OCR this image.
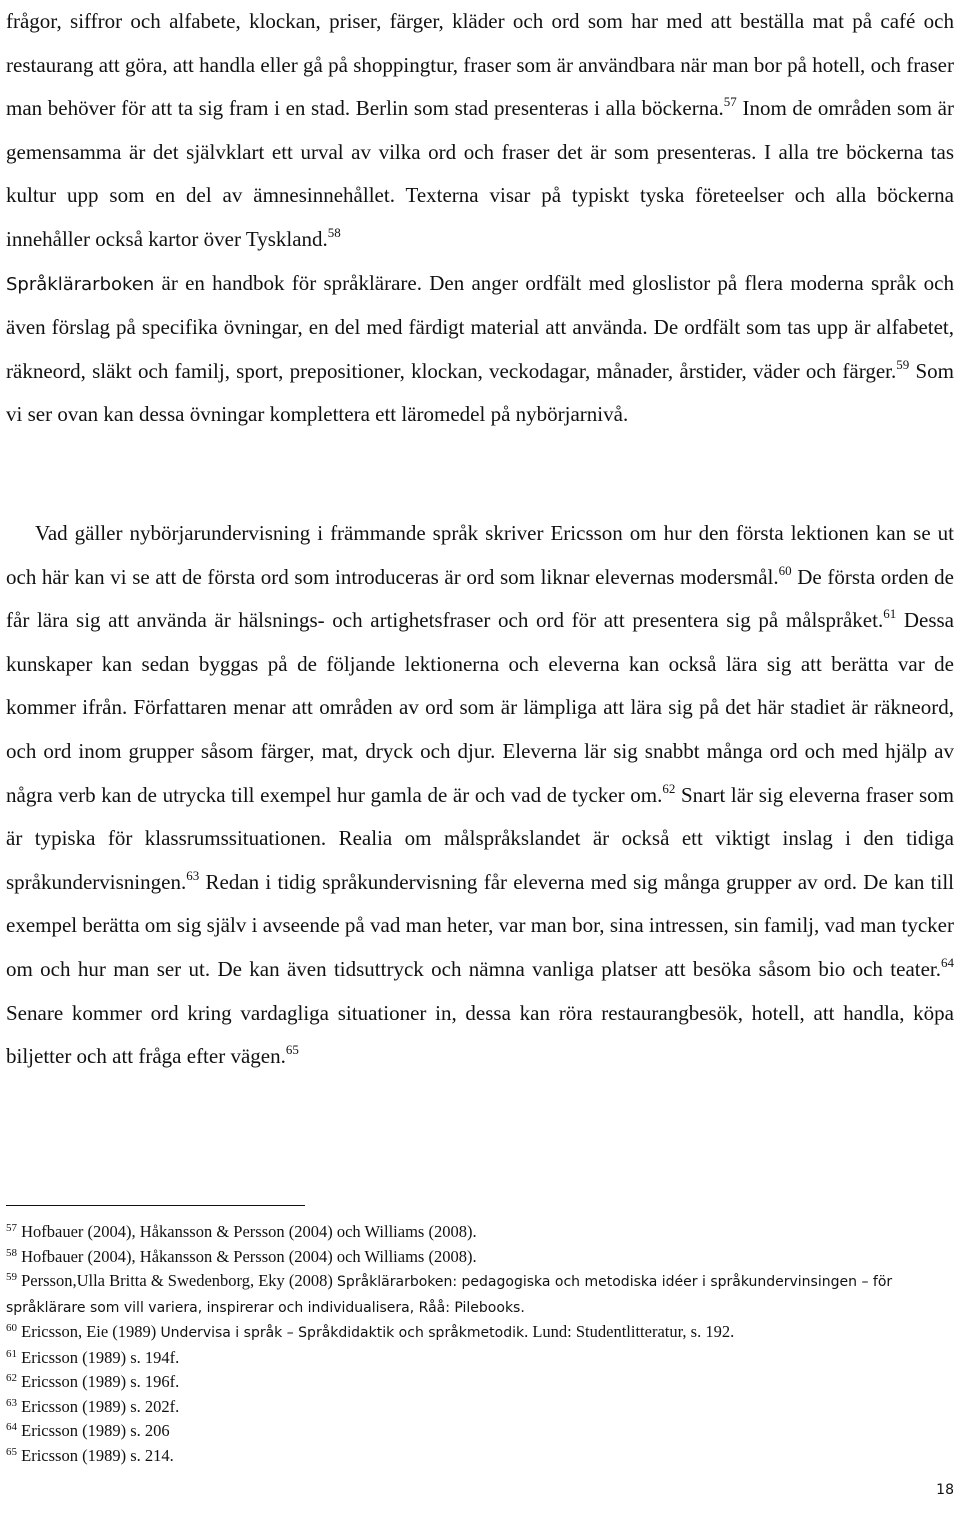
frågor, siffror och alfabete, klockan, priser, färger, kläder och ord som har med att beställa mat på café och restaurang att göra, att handla eller gå på shoppingtur, fraser som är användbara när man bor på hotell, och fraser man behöver för att ta sig fram i en stad. Berlin som stad presenteras i alla böckerna.$^{57}$ Inom de områden som är gemensamma är det självklart ett urval av vilka ord och fraser det är som presenteras. I alla tre böckerna tas kultur upp som en del av ämnesinnehållet. Texterna visar på typiskt tyska företeelser och alla böckerna innehåller också kartor över Tyskland.$^{58}$
Språklärarboken är en handbok för språklärare. Den anger ordfält med gloslistor på flera moderna språk och även förslag på specifika övningar, en del med färdigt material att använda. De ordfält som tas upp är alfabetet, räkneord, släkt och familj, sport, prepositioner, klockan, veckodagar, månader, årstider, väder och färger.$^{59}$ Som vi ser ovan kan dessa övningar komplettera ett läromedel på nybörjarnivå.

Vad gäller nybörjarundervisning i främmande språk skriver Ericsson om hur den första lektionen kan se ut och här kan vi se att de första ord som introduceras är ord som liknar elevernas modersmål.$^{60}$ De första orden de får lära sig att använda är hälsnings- och artighetsfraser och ord för att presentera sig på målspråket.$^{61}$ Dessa kunskaper kan sedan byggas på de följande lektionerna och eleverna kan också lära sig att berätta var de kommer ifrån. Författaren menar att områden av ord som är lämpliga att lära sig på det här stadiet är räkneord, och ord inom grupper såsom färger, mat, dryck och djur. Eleverna lär sig snabbt många ord och med hjälp av några verb kan de utrycka till exempel hur gamla de är och vad de tycker om.$^{62}$ Snart lär sig eleverna fraser som är typiska för klassrumssituationen. Realia om målspråkslandet är också ett viktigt inslag i den tidiga språkundervisningen.$^{63}$ Redan i tidig språkundervisning får eleverna med sig många grupper av ord. De kan till exempel berätta om sig själv i avseende på vad man heter, var man bor, sina intressen, sin familj, vad man tycker om och hur man ser ut. De kan även tidsuttryck och nämna vanliga platser att besöka såsom bio och teater.$^{64}$ Senare kommer ord kring vardagliga situationer in, dessa kan röra restaurangbesök, hotell, att handla, köpa biljetter och att fråga efter vägen.$^{65}$

$^{57}$ Hofbauer (2004), Håkansson & Persson (2004) och Williams (2008).

$^{58}$ Hofbauer (2004), Håkansson & Persson (2004) och Williams (2008).

$^{59}$ Persson,Ulla Britta & Swedenborg, Eky (2008) Språklärarboken: pedagogiska och metodiska idéer i språkundervinsingen – för språklärare som vill variera, inspirerar och individualisera, Råå: Pilebooks.

$^{60}$ Ericsson, Eie (1989) Undervisa i språk – Språkdidaktik och språkmetodik. Lund: Studentlitteratur, s. 192.

$^{61}$ Ericsson (1989) s. 194f.

$^{62}$ Ericsson (1989) s. 196f.

$^{63}$ Ericsson (1989) s. 202f.

$^{64}$ Ericsson (1989) s. 206

$^{65}$ Ericsson (1989) s. 214.

18
